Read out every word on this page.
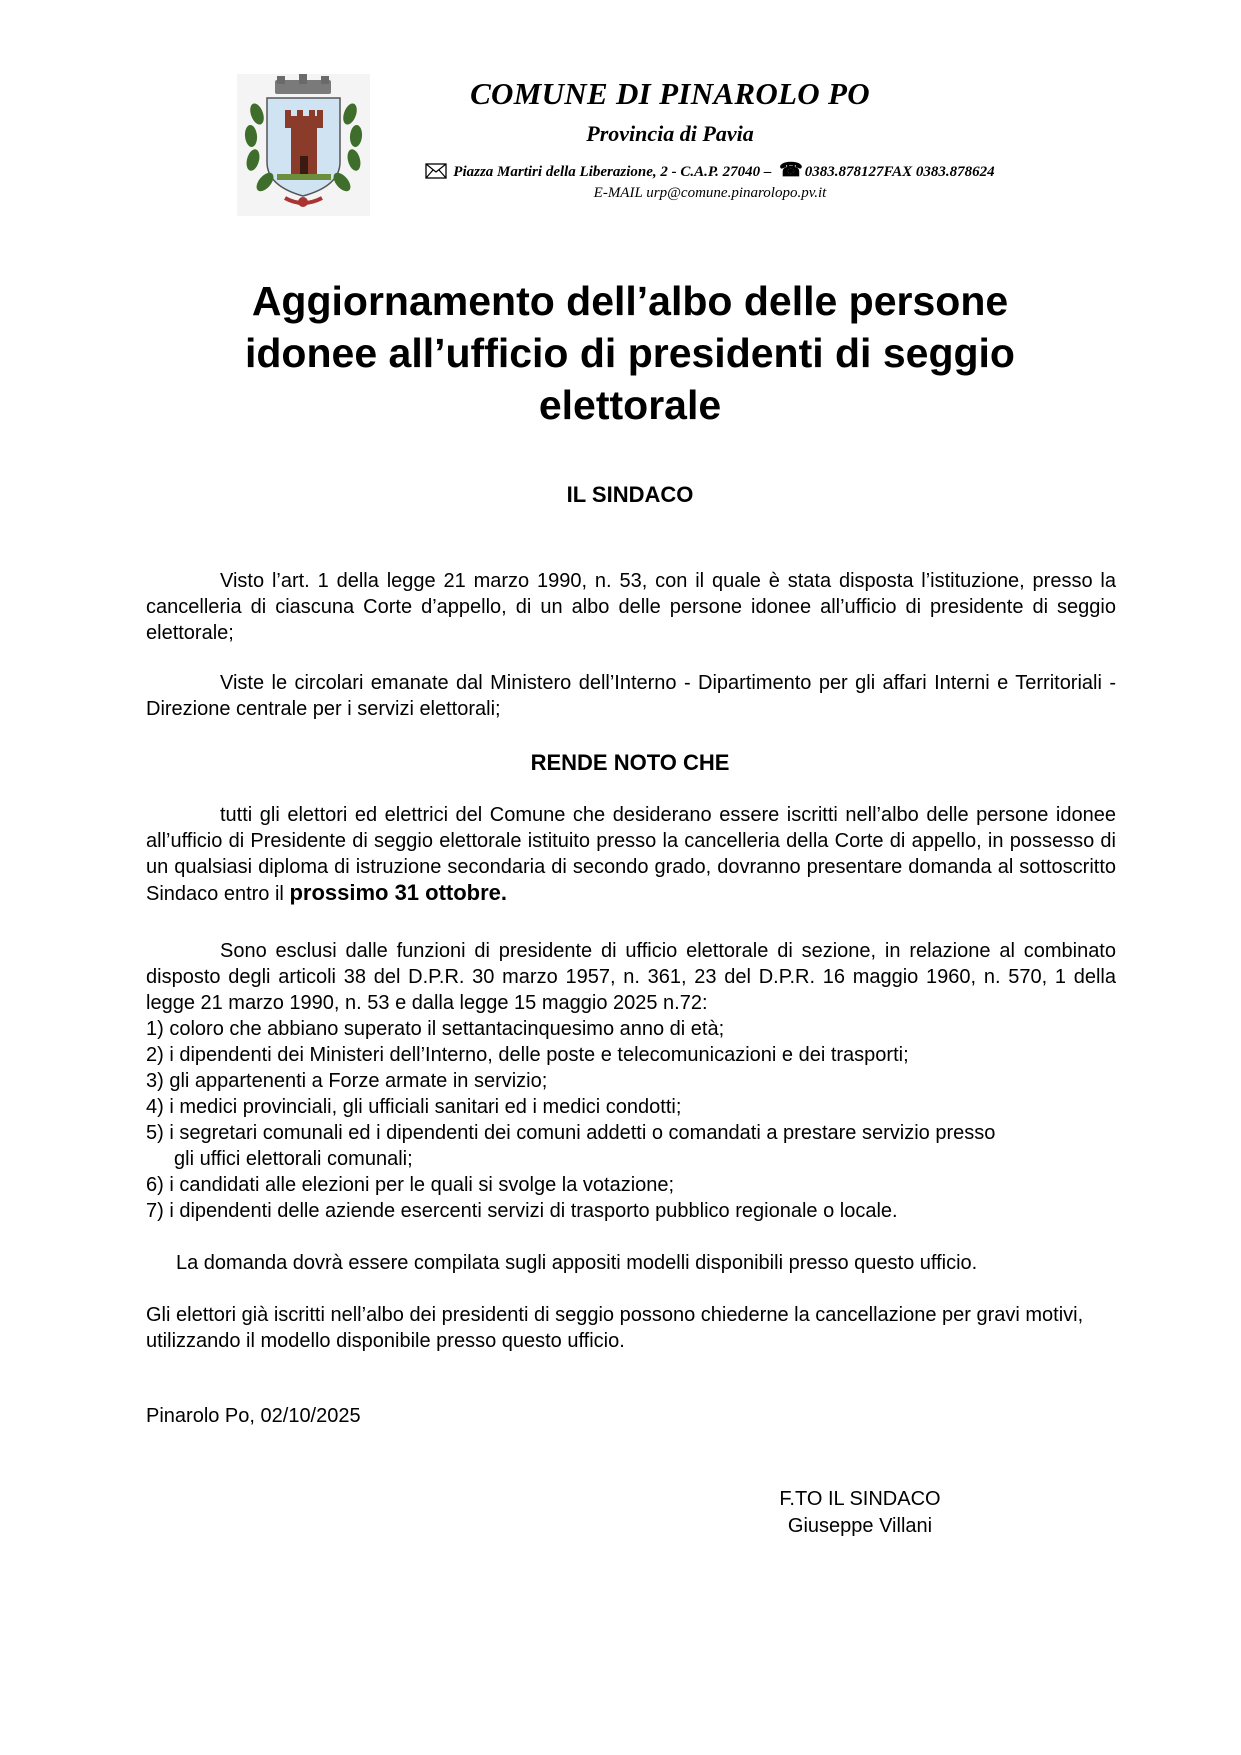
COMUNE DI PINAROLO PO
Provincia di Pavia
Piazza Martiri della Liberazione, 2 - C.A.P. 27040 – ☎ 0383.878127FAX 0383.878624
E-MAIL urp@comune.pinarolopo.pv.it
Aggiornamento dell’albo delle persone
idonee all’ufficio di presidenti di seggio
elettorale
IL SINDACO
Visto l’art. 1 della legge 21 marzo 1990, n. 53, con il quale è stata disposta l’istituzione, presso la cancelleria di ciascuna Corte d’appello, di un albo delle persone idonee all’ufficio di presidente di seggio elettorale;
Viste le circolari emanate dal Ministero dell’Interno - Dipartimento per gli affari Interni e Territoriali - Direzione centrale per i servizi elettorali;
RENDE NOTO CHE
tutti gli elettori ed elettrici del Comune che desiderano essere iscritti nell’albo delle persone idonee all’ufficio di Presidente di seggio elettorale istituito presso la cancelleria della Corte di appello, in possesso di un qualsiasi diploma di istruzione secondaria di secondo grado, dovranno presentare domanda al sottoscritto Sindaco entro il prossimo 31 ottobre.
Sono esclusi dalle funzioni di presidente di ufficio elettorale di sezione, in relazione al combinato disposto degli articoli 38 del D.P.R. 30 marzo 1957, n. 361, 23 del D.P.R. 16 maggio 1960, n. 570, 1 della legge 21 marzo 1990, n. 53 e dalla legge 15 maggio 2025 n.72:
1) coloro che abbiano superato il settantacinquesimo anno di età;
2) i dipendenti dei Ministeri dell’Interno, delle poste e telecomunicazioni e dei trasporti;
3) gli appartenenti a Forze armate in servizio;
4) i medici provinciali, gli ufficiali sanitari ed i medici condotti;
5) i segretari comunali ed i dipendenti dei comuni addetti o comandati a prestare servizio presso
gli uffici elettorali comunali;
6) i candidati alle elezioni per le quali si svolge la votazione;
7) i dipendenti delle aziende esercenti servizi di trasporto pubblico regionale o locale.
La domanda dovrà essere compilata sugli appositi modelli disponibili presso questo ufficio.
Gli elettori già iscritti nell’albo dei presidenti di seggio possono chiederne la cancellazione per gravi motivi, utilizzando il modello disponibile presso questo ufficio.
Pinarolo Po, 02/10/2025
F.TO IL SINDACO
Giuseppe Villani
